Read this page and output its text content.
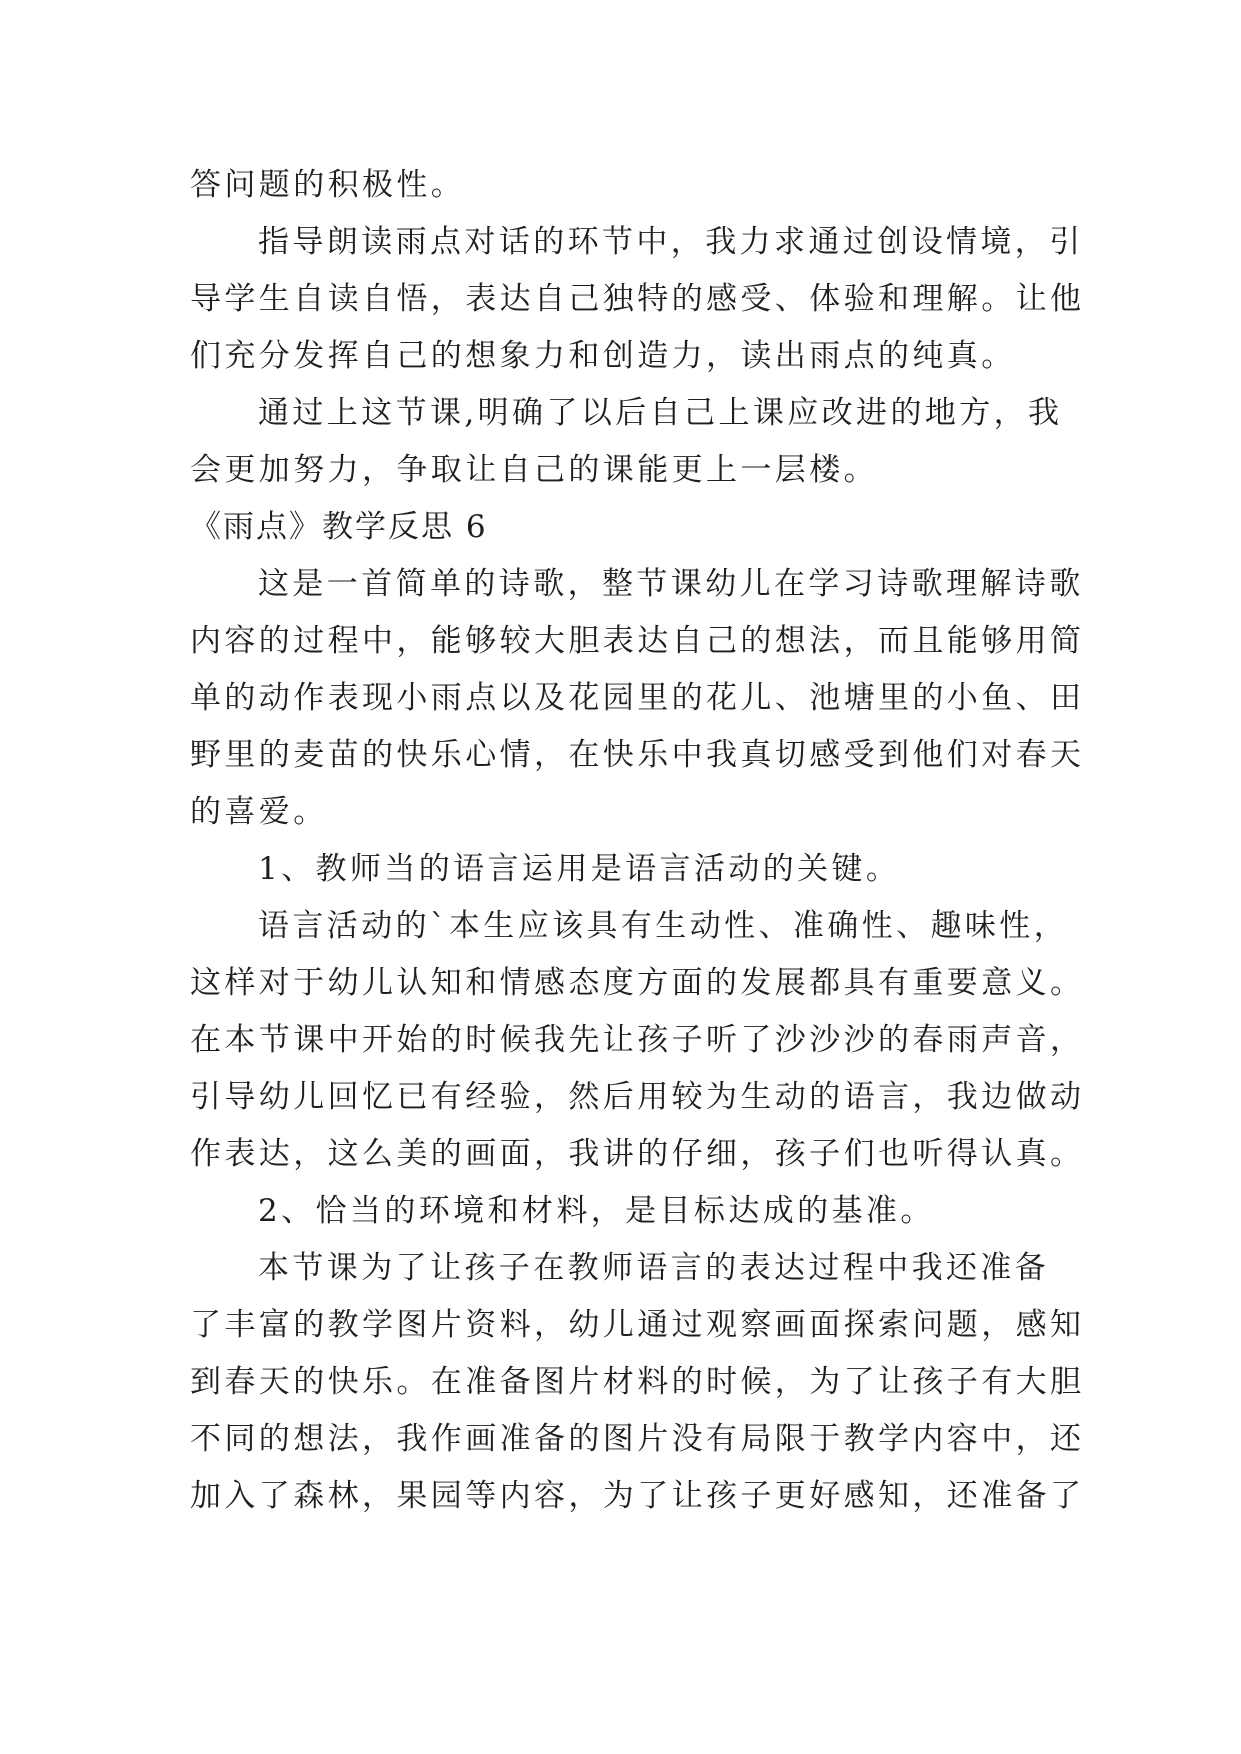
答问题的积极性。
指导朗读雨点对话的环节中，我力求通过创设情境，引
导学生自读自悟，表达自己独特的感受、体验和理解。让他
们充分发挥自己的想象力和创造力，读出雨点的纯真。
通过上这节课,明确了以后自己上课应改进的地方，我
会更加努力，争取让自己的课能更上一层楼。
《雨点》教学反思 6
这是一首简单的诗歌，整节课幼儿在学习诗歌理解诗歌
内容的过程中，能够较大胆表达自己的想法，而且能够用简
单的动作表现小雨点以及花园里的花儿、池塘里的小鱼、田
野里的麦苗的快乐心情，在快乐中我真切感受到他们对春天
的喜爱。
1、教师当的语言运用是语言活动的关键。
语言活动的`本生应该具有生动性、准确性、趣味性，
这样对于幼儿认知和情感态度方面的发展都具有重要意义。
在本节课中开始的时候我先让孩子听了沙沙沙的春雨声音，
引导幼儿回忆已有经验，然后用较为生动的语言，我边做动
作表达，这么美的画面，我讲的仔细，孩子们也听得认真。
2、恰当的环境和材料，是目标达成的基准。
本节课为了让孩子在教师语言的表达过程中我还准备
了丰富的教学图片资料，幼儿通过观察画面探索问题，感知
到春天的快乐。在准备图片材料的时候，为了让孩子有大胆
不同的想法，我作画准备的图片没有局限于教学内容中，还
加入了森林，果园等内容，为了让孩子更好感知，还准备了
